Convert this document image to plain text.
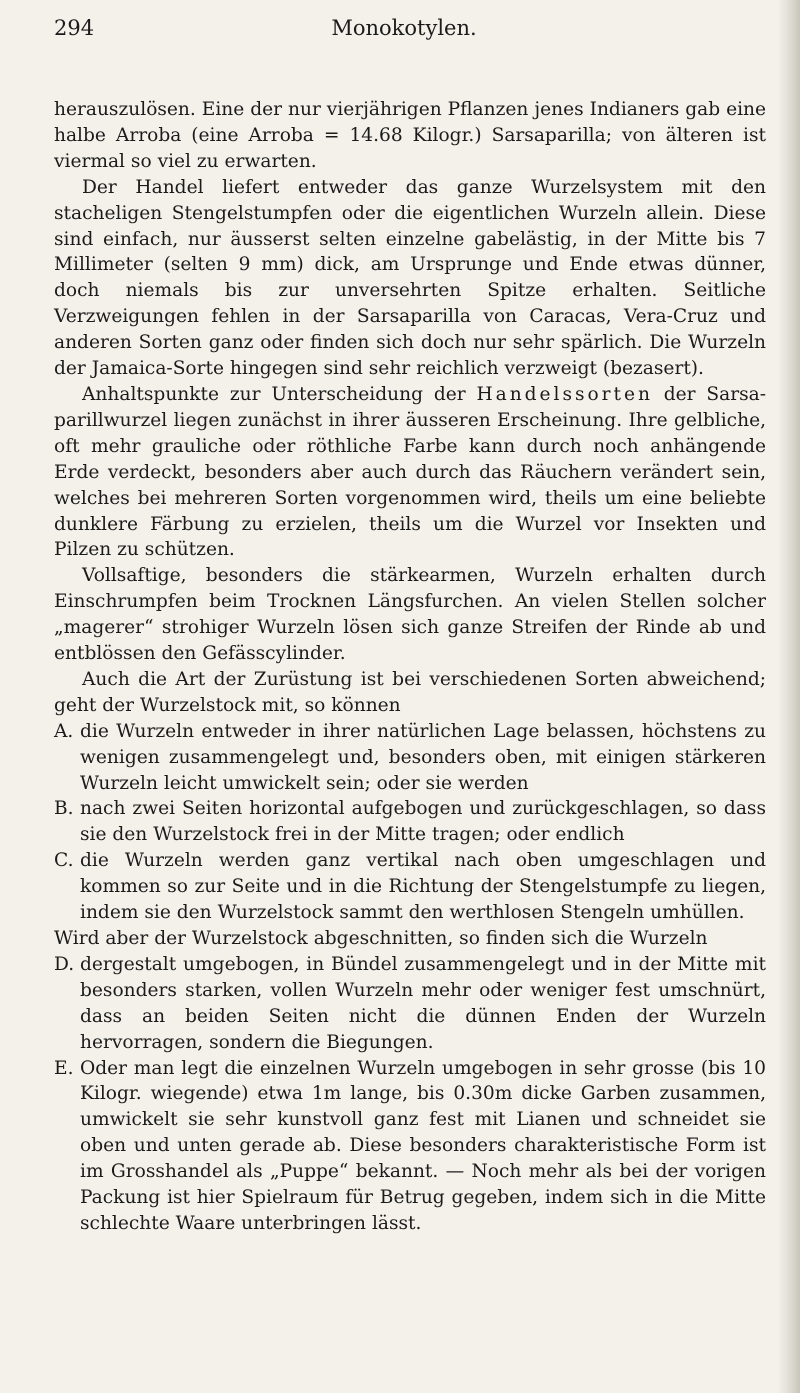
294	Monokotylen.

herauszulösen. Eine der nur vierjährigen Pflanzen jenes Indianers gab eine halbe Arroba (eine Arroba = 14.68 Kilogr.) Sarsaparilla; von älteren ist viermal so viel zu erwarten.

Der Handel liefert entweder das ganze Wurzelsystem mit den stacheligen Stengelstumpfen oder die eigentlichen Wurzeln allein. Diese sind einfach, nur äusserst selten einzelne gabelästig, in der Mitte bis 7 Millimeter (selten 9 mm) dick, am Ursprunge und Ende etwas dünner, doch niemals bis zur unversehrten Spitze erhalten. Seitliche Verzweigungen fehlen in der Sarsaparilla von Caracas, Vera-Cruz und anderen Sorten ganz oder finden sich doch nur sehr spärlich. Die Wurzeln der Jamaica-Sorte hingegen sind sehr reichlich verzweigt (bezasert).

Anhaltspunkte zur Unterscheidung der Handelssorten der Sarsa- parillwurzel liegen zunächst in ihrer äusseren Erscheinung. Ihre gelbliche, oft mehr grauliche oder röthliche Farbe kann durch noch anhängende Erde verdeckt, besonders aber auch durch das Räuchern verändert sein, welches bei mehreren Sorten vorgenommen wird, theils um eine beliebte dunklere Färbung zu erzielen, theils um die Wurzel vor Insekten und Pilzen zu schützen.

Vollsaftige, besonders die stärkearmen, Wurzeln erhalten durch Einschrumpfen beim Trocknen Längsfurchen. An vielen Stellen solcher „magerer“ strohiger Wurzeln lösen sich ganze Streifen der Rinde ab und entblössen den Gefässcylinder.

Auch die Art der Zurüstung ist bei verschiedenen Sorten abweichend; geht der Wurzelstock mit, so können

A. die Wurzeln entweder in ihrer natürlichen Lage belassen, höchstens zu wenigen zusammengelegt und, besonders oben, mit einigen stärkeren Wurzeln leicht umwickelt sein; oder sie werden
B. nach zwei Seiten horizontal aufgebogen und zurückgeschlagen, so dass sie den Wurzelstock frei in der Mitte tragen; oder endlich
C. die Wurzeln werden ganz vertikal nach oben umgeschlagen und kommen so zur Seite und in die Richtung der Stengelstumpfe zu liegen, indem sie den Wurzelstock sammt den werthlosen Stengeln umhüllen.

Wird aber der Wurzelstock abgeschnitten, so finden sich die Wurzeln

D. dergestalt umgebogen, in Bündel zusammengelegt und in der Mitte mit besonders starken, vollen Wurzeln mehr oder weniger fest umschnürt, dass an beiden Seiten nicht die dünnen Enden der Wurzeln hervorragen, sondern die Biegungen.
E. Oder man legt die einzelnen Wurzeln umgebogen in sehr grosse (bis 10 Kilogr. wiegende) etwa 1m lange, bis 0.30m dicke Garben zusammen, umwickelt sie sehr kunstvoll ganz fest mit Lianen und schneidet sie oben und unten gerade ab. Diese besonders charakteristische Form ist im Grosshandel als „Puppe“ bekannt. — Noch mehr als bei der vorigen Packung ist hier Spielraum für Betrug gegeben, indem sich in die Mitte schlechte Waare unterbringen lässt.
